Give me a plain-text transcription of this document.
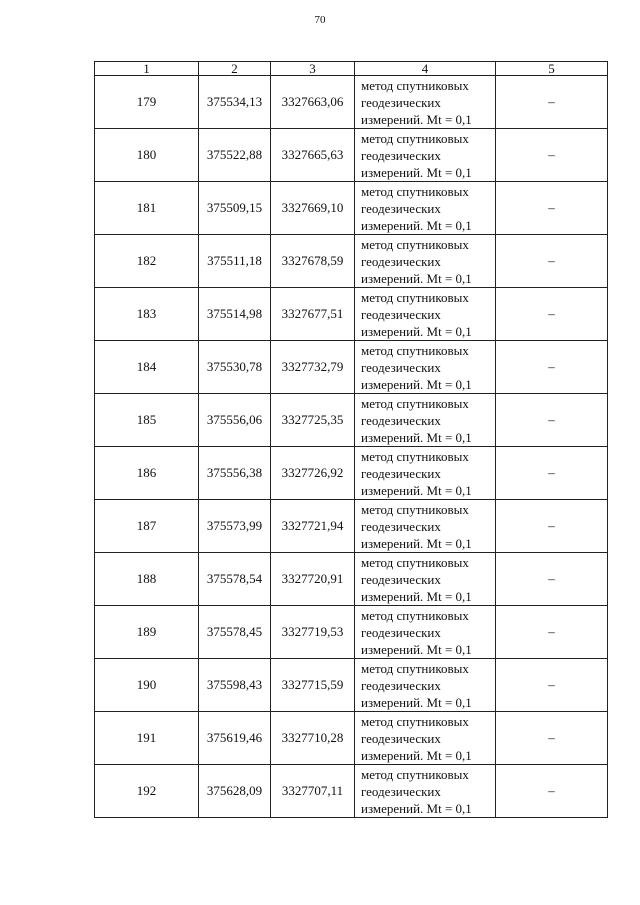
70
1	2	3	4	5
179	375534,13	3327663,06	метод спутниковых
геодезических
измерений. Mt = 0,1	–
180	375522,88	3327665,63	метод спутниковых
геодезических
измерений. Mt = 0,1	–
181	375509,15	3327669,10	метод спутниковых
геодезических
измерений. Mt = 0,1	–
182	375511,18	3327678,59	метод спутниковых
геодезических
измерений. Mt = 0,1	–
183	375514,98	3327677,51	метод спутниковых
геодезических
измерений. Mt = 0,1	–
184	375530,78	3327732,79	метод спутниковых
геодезических
измерений. Mt = 0,1	–
185	375556,06	3327725,35	метод спутниковых
геодезических
измерений. Mt = 0,1	–
186	375556,38	3327726,92	метод спутниковых
геодезических
измерений. Mt = 0,1	–
187	375573,99	3327721,94	метод спутниковых
геодезических
измерений. Mt = 0,1	–
188	375578,54	3327720,91	метод спутниковых
геодезических
измерений. Mt = 0,1	–
189	375578,45	3327719,53	метод спутниковых
геодезических
измерений. Mt = 0,1	–
190	375598,43	3327715,59	метод спутниковых
геодезических
измерений. Mt = 0,1	–
191	375619,46	3327710,28	метод спутниковых
геодезических
измерений. Mt = 0,1	–
192	375628,09	3327707,11	метод спутниковых
геодезических
измерений. Mt = 0,1	–
